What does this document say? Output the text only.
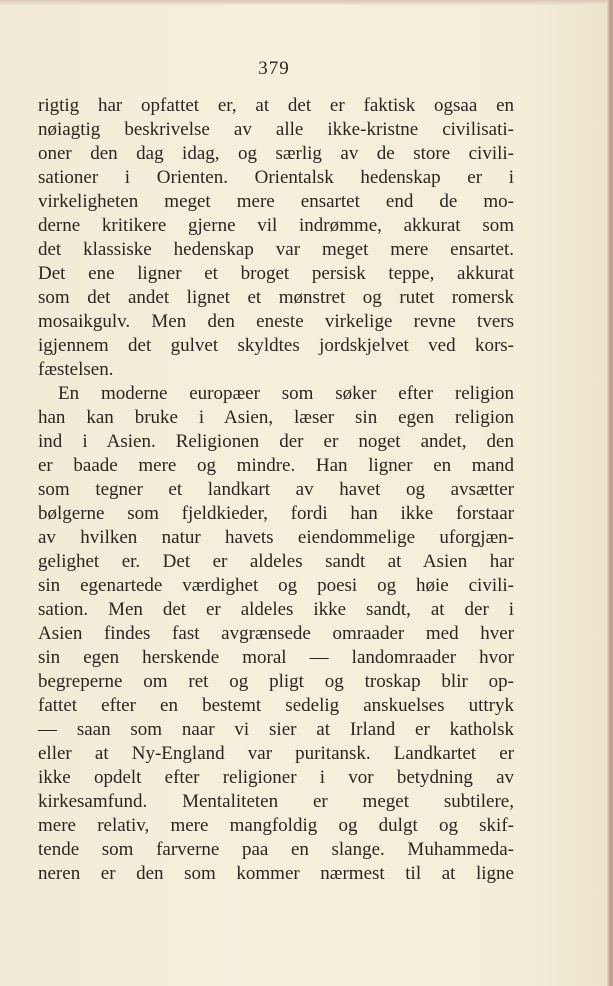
379
rigtig har opfattet er, at det er faktisk ogsaa en
nøiagtig beskrivelse av alle ikke-kristne civilisati-
oner den dag idag, og særlig av de store civili-
sationer i Orienten. Orientalsk hedenskap er i
virkeligheten meget mere ensartet end de mo-
derne kritikere gjerne vil indrømme, akkurat som
det klassiske hedenskap var meget mere ensartet.
Det ene ligner et broget persisk teppe, akkurat
som det andet lignet et mønstret og rutet romersk
mosaikgulv. Men den eneste virkelige revne tvers
igjennem det gulvet skyldtes jordskjelvet ved kors-
fæstelsen.
En moderne europæer som søker efter religion
han kan bruke i Asien, læser sin egen religion
ind i Asien. Religionen der er noget andet, den
er baade mere og mindre. Han ligner en mand
som tegner et landkart av havet og avsætter
bølgerne som fjeldkieder, fordi han ikke forstaar
av hvilken natur havets eiendommelige uforgjæn-
gelighet er. Det er aldeles sandt at Asien har
sin egenartede værdighet og poesi og høie civili-
sation. Men det er aldeles ikke sandt, at der i
Asien findes fast avgrænsede omraader med hver
sin egen herskende moral — landomraader hvor
begreperne om ret og pligt og troskap blir op-
fattet efter en bestemt sedelig anskuelses uttryk
— saan som naar vi sier at Irland er katholsk
eller at Ny-England var puritansk. Landkartet er
ikke opdelt efter religioner i vor betydning av
kirkesamfund. Mentaliteten er meget subtilere,
mere relativ, mere mangfoldig og dulgt og skif-
tende som farverne paa en slange. Muhammeda-
neren er den som kommer nærmest til at ligne
